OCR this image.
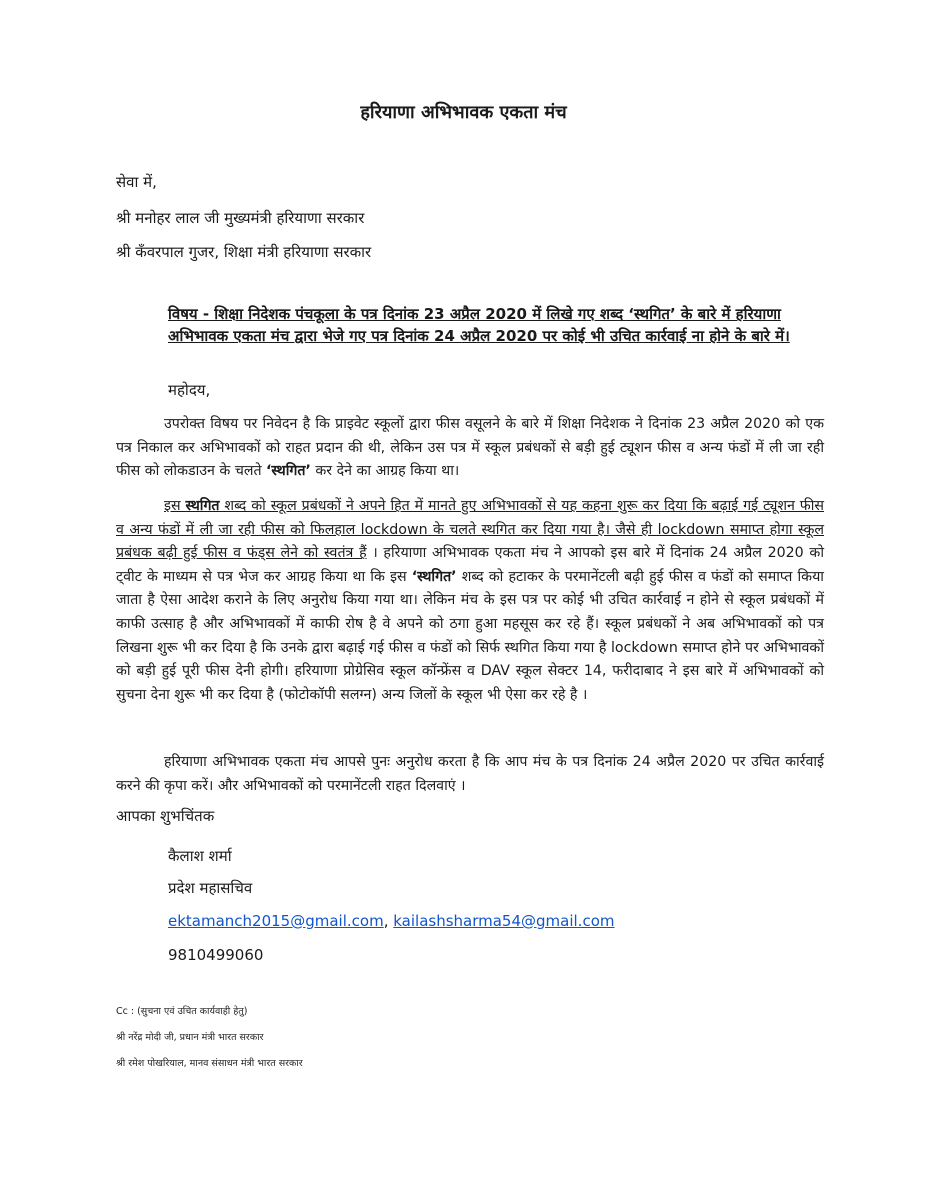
हरियाणा अभिभावक एकता मंच
सेवा में,
श्री मनोहर लाल जी मुख्यमंत्री हरियाणा सरकार
श्री कँवरपाल गुजर, शिक्षा मंत्री हरियाणा सरकार
विषय - शिक्षा निदेशक पंचकूला के पत्र दिनांक 23 अप्रैल 2020 में लिखे गए शब्द ‘स्थगित’ के बारे में हरियाणा अभिभावक एकता मंच द्वारा भेजे गए पत्र दिनांक 24 अप्रैल 2020 पर कोई भी उचित कार्रवाई ना होने के बारे में।
महोदय,
उपरोक्त विषय पर निवेदन है कि प्राइवेट स्कूलों द्वारा फीस वसूलने के बारे में शिक्षा निदेशक ने दिनांक 23 अप्रैल 2020 को एक पत्र निकाल कर अभिभावकों को राहत प्रदान की थी, लेकिन उस पत्र में स्कूल प्रबंधकों से बड़ी हुई ट्यूशन फीस व अन्य फंडों में ली जा रही फीस को लोकडाउन के चलते ‘स्थगित’ कर देने का आग्रह किया था।
इस स्थगित शब्द को स्कूल प्रबंधकों ने अपने हित में मानते हुए अभिभावकों से यह कहना शुरू कर दिया कि बढ़ाई गई ट्यूशन फीस व अन्य फंडों में ली जा रही फीस को फिलहाल lockdown के चलते स्थगित कर दिया गया है। जैसे ही lockdown समाप्त होगा स्कूल प्रबंधक बढ़ी हुई फीस व फंड्स लेने को स्वतंत्र हैं । हरियाणा अभिभावक एकता मंच ने आपको इस बारे में दिनांक 24 अप्रैल 2020 को ट्वीट के माध्यम से पत्र भेज कर आग्रह किया था कि इस ‘स्थगित’ शब्द को हटाकर के परमानेंटली बढ़ी हुई फीस व फंडों को समाप्त किया जाता है ऐसा आदेश कराने के लिए अनुरोध किया गया था। लेकिन मंच के इस पत्र पर कोई भी उचित कार्रवाई न होने से स्कूल प्रबंधकों में काफी उत्साह है और अभिभावकों में काफी रोष है वे अपने को ठगा हुआ महसूस कर रहे हैं। स्कूल प्रबंधकों ने अब अभिभावकों को पत्र लिखना शुरू भी कर दिया है कि उनके द्वारा बढ़ाई गई फीस व फंडों को सिर्फ स्थगित किया गया है lockdown समाप्त होने पर अभिभावकों को बड़ी हुई पूरी फीस देनी होगी। हरियाणा प्रोग्रेसिव स्कूल कॉन्फ्रेंस व DAV स्कूल सेक्टर 14, फरीदाबाद ने इस बारे में अभिभावकों को सुचना देना शुरू भी कर दिया है (फोटोकॉपी सलग्न) अन्य जिलों के स्कूल भी ऐसा कर रहे है ।
हरियाणा अभिभावक एकता मंच आपसे पुनः अनुरोध करता है कि आप मंच के पत्र दिनांक 24 अप्रैल 2020 पर उचित कार्रवाई करने की कृपा करें। और अभिभावकों को परमानेंटली राहत दिलवाएं ।
आपका शुभचिंतक
कैलाश शर्मा
प्रदेश महासचिव
ektamanch2015@gmail.com, kailashsharma54@gmail.com
9810499060
Cc : (सुचना एवं उचित कार्यवाही हेतु)
श्री नरेंद्र मोदी जी, प्रधान मंत्री भारत सरकार
श्री रमेश पोखरियाल, मानव संसाधन मंत्री भारत सरकार
